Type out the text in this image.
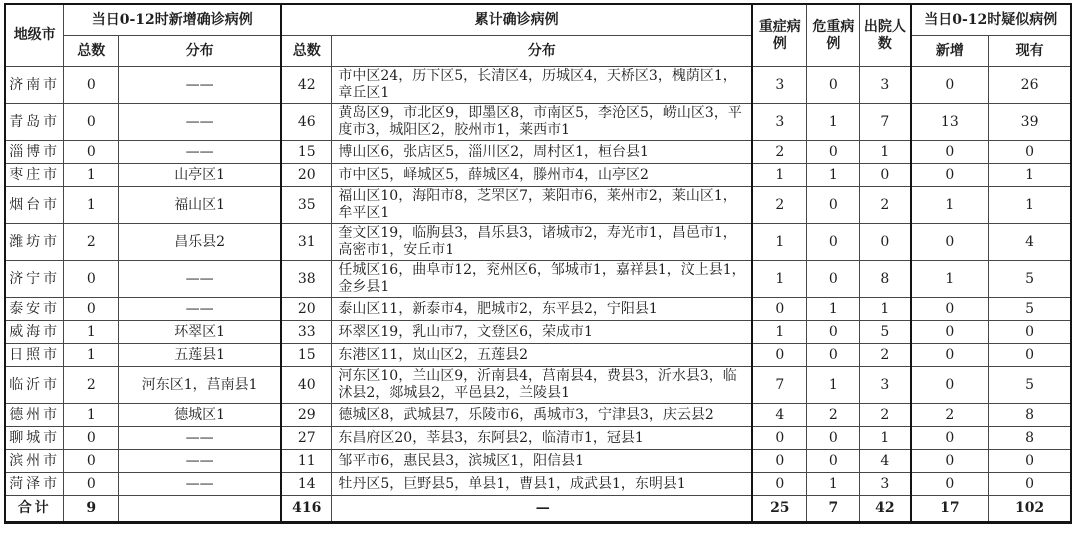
地级市	当日0-12时新增确诊病例		累计确诊病例		重症病例	危重病例	出院人数	当日0-12时疑似病例	
	总数	分布	总数	分布				新增	现有
济南市	0	——	42	市中区24，历下区5，长清区4，历城区4，天桥区3，槐荫区1，章丘区1	3	0	3	0	26
青岛市	0	——	46	黄岛区9，市北区9，即墨区8，市南区5，李沧区5，崂山区3，平度市3，城阳区2，胶州市1，莱西市1	3	1	7	13	39
淄博市	0	——	15	博山区6，张店区5，淄川区2，周村区1，桓台县1	2	0	1	0	0
枣庄市	1	山亭区1	20	市中区5，峄城区5，薛城区4，滕州市4，山亭区2	1	1	0	0	1
烟台市	1	福山区1	35	福山区10，海阳市8，芝罘区7，莱阳市6，莱州市2，莱山区1，牟平区1	2	0	2	1	1
潍坊市	2	昌乐县2	31	奎文区19，临朐县3，昌乐县3，诸城市2，寿光市1，昌邑市1，高密市1，安丘市1	1	0	0	0	4
济宁市	0	——	38	任城区16，曲阜市12，兖州区6，邹城市1，嘉祥县1，汶上县1，金乡县1	1	0	8	1	5
泰安市	0	——	20	泰山区11，新泰市4，肥城市2，东平县2，宁阳县1	0	1	1	0	5
威海市	1	环翠区1	33	环翠区19，乳山市7，文登区6，荣成市1	1	0	5	0	0
日照市	1	五莲县1	15	东港区11，岚山区2，五莲县2	0	0	2	0	0
临沂市	2	河东区1，莒南县1	40	河东区10，兰山区9，沂南县4，莒南县4，费县3，沂水县3，临沭县2，郯城县2，平邑县2，兰陵县1	7	1	3	0	5
德州市	1	德城区1	29	德城区8，武城县7，乐陵市6，禹城市3，宁津县3，庆云县2	4	2	2	2	8
聊城市	0	——	27	东昌府区20，莘县3，东阿县2，临清市1，冠县1	0	0	1	0	8
滨州市	0	——	11	邹平市6，惠民县3，滨城区1，阳信县1	0	0	4	0	0
菏泽市	0	——	14	牡丹区5，巨野县5，单县1，曹县1，成武县1，东明县1	0	1	3	0	0
合计	9		416	—	25	7	42	17	102
